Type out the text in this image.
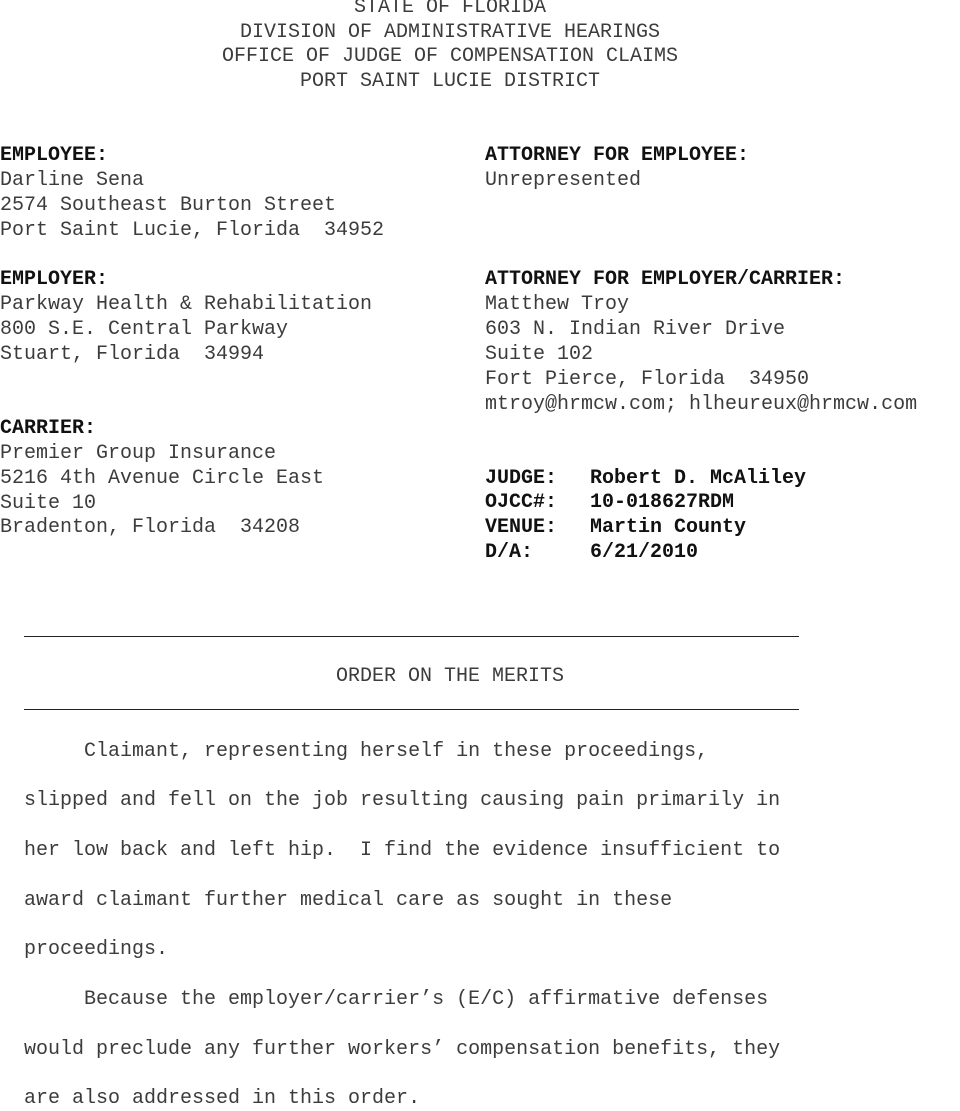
STATE OF FLORIDA
DIVISION OF ADMINISTRATIVE HEARINGS
OFFICE OF JUDGE OF COMPENSATION CLAIMS
PORT SAINT LUCIE DISTRICT
EMPLOYEE:
Darline Sena
2574 Southeast Burton Street
Port Saint Lucie, Florida  34952
EMPLOYER:
Parkway Health & Rehabilitation
800 S.E. Central Parkway
Stuart, Florida  34994
CARRIER:
Premier Group Insurance
5216 4th Avenue Circle East
Suite 10
Bradenton, Florida  34208
ATTORNEY FOR EMPLOYEE:
Unrepresented
ATTORNEY FOR EMPLOYER/CARRIER:
Matthew Troy
603 N. Indian River Drive
Suite 102
Fort Pierce, Florida  34950
mtroy@hrmcw.com; hlheureux@hrmcw.com
JUDGE: Robert D. McAliley
OJCC#: 10-018627RDM
VENUE: Martin County
D/A:	6/21/2010
ORDER ON THE MERITS
Claimant, representing herself in these proceedings,
slipped and fell on the job resulting causing pain primarily in
her low back and left hip.  I find the evidence insufficient to
award claimant further medical care as sought in these
proceedings.
Because the employer/carrier’s (E/C) affirmative defenses
would preclude any further workers’ compensation benefits, they
are also addressed in this order.
